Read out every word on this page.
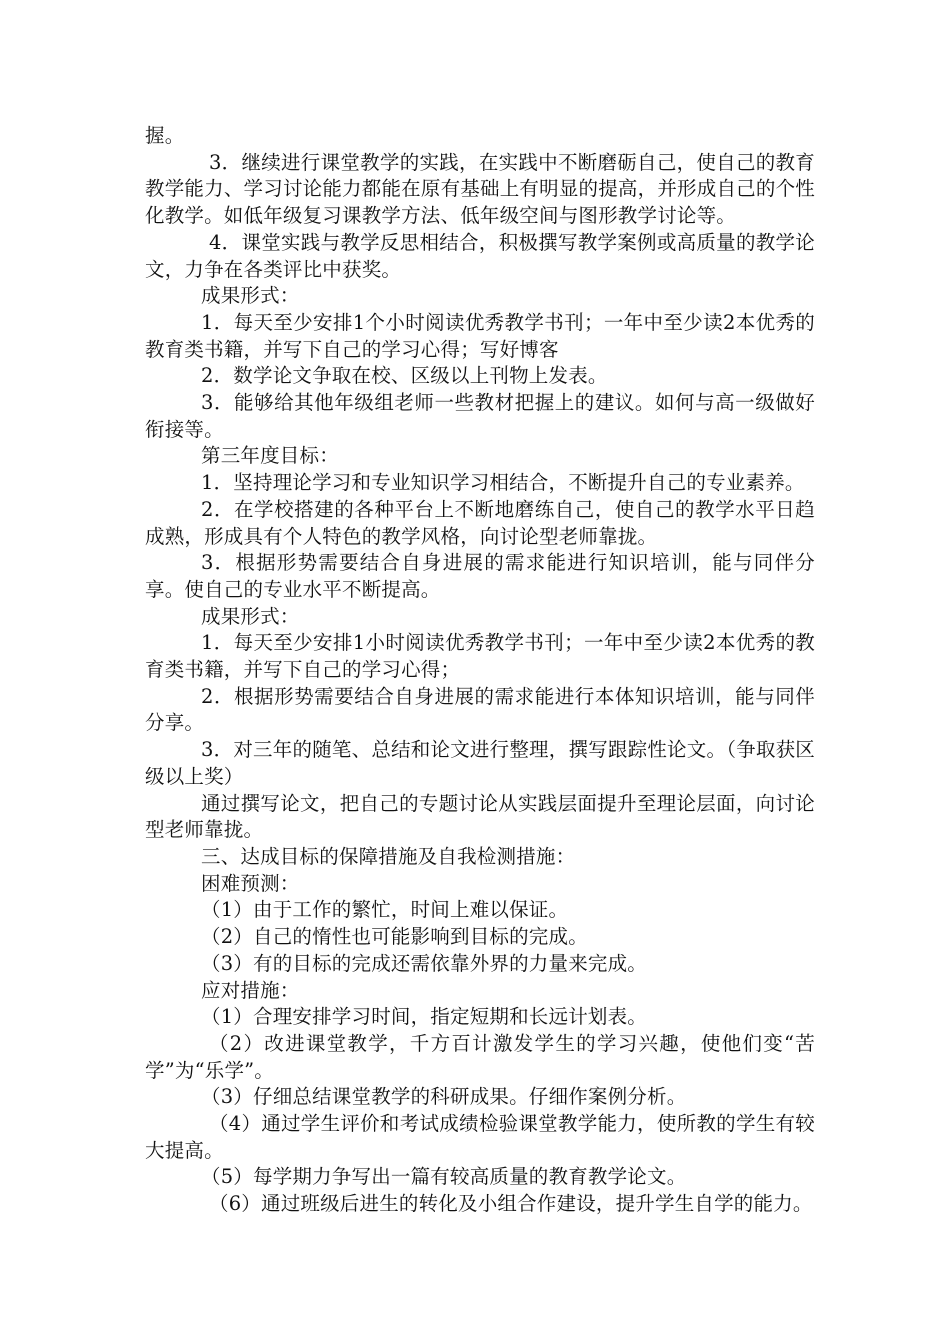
握。

3．继续进行课堂教学的实践，在实践中不断磨砺自己，使自己的教育教学能力、学习讨论能力都能在原有基础上有明显的提高，并形成自己的个性化教学。如低年级复习课教学方法、低年级空间与图形教学讨论等。

4．课堂实践与教学反思相结合，积极撰写教学案例或高质量的教学论文，力争在各类评比中获奖。

成果形式：

1．每天至少安排1个小时阅读优秀教学书刊；一年中至少读2本优秀的教育类书籍，并写下自己的学习心得；写好博客

2．数学论文争取在校、区级以上刊物上发表。

3．能够给其他年级组老师一些教材把握上的建议。如何与高一级做好衔接等。

第三年度目标：

1．坚持理论学习和专业知识学习相结合，不断提升自己的专业素养。

2．在学校搭建的各种平台上不断地磨练自己，使自己的教学水平日趋成熟，形成具有个人特色的教学风格，向讨论型老师靠拢。

3．根据形势需要结合自身进展的需求能进行知识培训，能与同伴分享。使自己的专业水平不断提高。

成果形式：

1．每天至少安排1小时阅读优秀教学书刊；一年中至少读2本优秀的教育类书籍，并写下自己的学习心得；

2．根据形势需要结合自身进展的需求能进行本体知识培训，能与同伴分享。

3．对三年的随笔、总结和论文进行整理，撰写跟踪性论文。（争取获区级以上奖）

通过撰写论文，把自己的专题讨论从实践层面提升至理论层面，向讨论型老师靠拢。

三、达成目标的保障措施及自我检测措施：

困难预测：

（1）由于工作的繁忙，时间上难以保证。

（2）自己的惰性也可能影响到目标的完成。

（3）有的目标的完成还需依靠外界的力量来完成。

应对措施：

（1）合理安排学习时间，指定短期和长远计划表。

（2）改进课堂教学，千方百计激发学生的学习兴趣，使他们变“苦学”为“乐学”。

（3）仔细总结课堂教学的科研成果。仔细作案例分析。

（4）通过学生评价和考试成绩检验课堂教学能力，使所教的学生有较大提高。

（5）每学期力争写出一篇有较高质量的教育教学论文。

（6）通过班级后进生的转化及小组合作建设，提升学生自学的能力。
